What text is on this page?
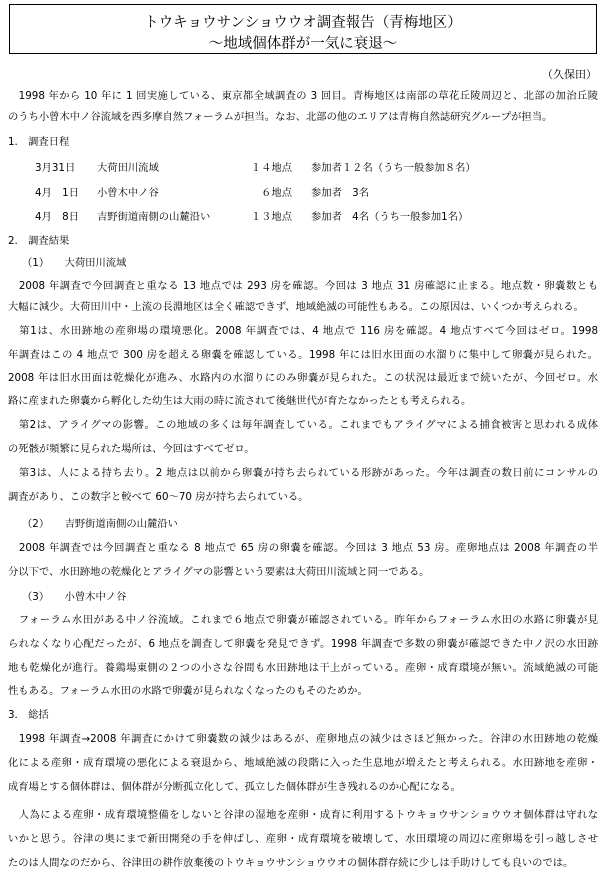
トウキョウサンショウウオ調査報告（青梅地区）
～地域個体群が一気に衰退～
（久保田）
　1998 年から 10 年に 1 回実施している、東京都全域調査の 3 回目。青梅地区は南部の草花丘陵周辺と、北部の加治丘陵
のうち小曾木中ノ谷流域を西多摩自然フォーラムが担当。なお、北部の他のエリアは青梅自然誌研究グループが担当。
1.　調査日程
3月31日 大荷田川流域	１４地点 参加者１２名（うち一般参加８名）
4月　1日 小曾木中ノ谷	６地点 参加者　3名
4月　8日 吉野街道南側の山麓沿い	１３地点 参加者　4名（うち一般参加1名）
2.　調査結果
（1）　　大荷田川流域
　2008 年調査で今回調査と重なる 13 地点では 293 房を確認。今回は 3 地点 31 房確認に止まる。地点数・卵嚢数とも
大幅に減少。大荷田川中・上流の長淵地区は全く確認できず、地域絶滅の可能性もある。この原因は、いくつか考えられる。
　第1は、水田跡地の産卵場の環境悪化。2008 年調査では、4 地点で 116 房を確認。4 地点すべて今回はゼロ。1998
年調査はこの 4 地点で 300 房を超える卵嚢を確認している。1998 年には旧水田面の水溜りに集中して卵嚢が見られた。
2008 年は旧水田面は乾燥化が進み、水路内の水溜りにのみ卵嚢が見られた。この状況は最近まで続いたが、今回ゼロ。水
路に産まれた卵嚢から孵化した幼生は大雨の時に流されて後継世代が育たなかったとも考えられる。
　第2は、アライグマの影響。この地域の多くは毎年調査している。これまでもアライグマによる捕食被害と思われる成体
の死骸が頻繁に見られた場所は、今回はすべてゼロ。
　第3は、人による持ち去り。2 地点は以前から卵嚢が持ち去られている形跡があった。今年は調査の数日前にコンサルの
調査があり、この数字と較べて 60～70 房が持ち去られている。
（2）　　吉野街道南側の山麓沿い
　2008 年調査では今回調査と重なる 8 地点で 65 房の卵嚢を確認。今回は 3 地点 53 房。産卵地点は 2008 年調査の半
分以下で、水田跡地の乾燥化とアライグマの影響という要素は大荷田川流域と同一である。
（3）　　小曾木中ノ谷
　フォーラム水田がある中ノ谷流域。これまで６地点で卵嚢が確認されている。昨年からフォーラム水田の水路に卵嚢が見
られなくなり心配だったが、6 地点を調査して卵嚢を発見できず。1998 年調査で多数の卵嚢が確認できた中ノ沢の水田跡
地も乾燥化が進行。養鶏場東側の２つの小さな谷間も水田跡地は干上がっている。産卵・成育環境が無い。流域絶滅の可能
性もある。フォーラム水田の水路で卵嚢が見られなくなったのもそのためか。
3.　総括
　1998 年調査→2008 年調査にかけて卵嚢数の減少はあるが、産卵地点の減少はさほど無かった。谷津の水田跡地の乾燥
化による産卵・成育環境の悪化による衰退から、地域絶滅の段階に入った生息地が増えたと考えられる。水田跡地を産卵・
成育場とする個体群は、個体群が分断孤立化して、孤立した個体群が生き残れるのか心配になる。
　人為による産卵・成育環境整備をしないと谷津の湿地を産卵・成育に利用するトウキョウサンショウウオ個体群は守れな
いかと思う。谷津の奥にまで新田開発の手を伸ばし、産卵・成育環境を破壊して、水田環境の周辺に産卵場を引っ越しさせ
たのは人間なのだから、谷津田の耕作放棄後のトウキョウサンショウウオの個体群存続に少しは手助けしても良いのでは。
